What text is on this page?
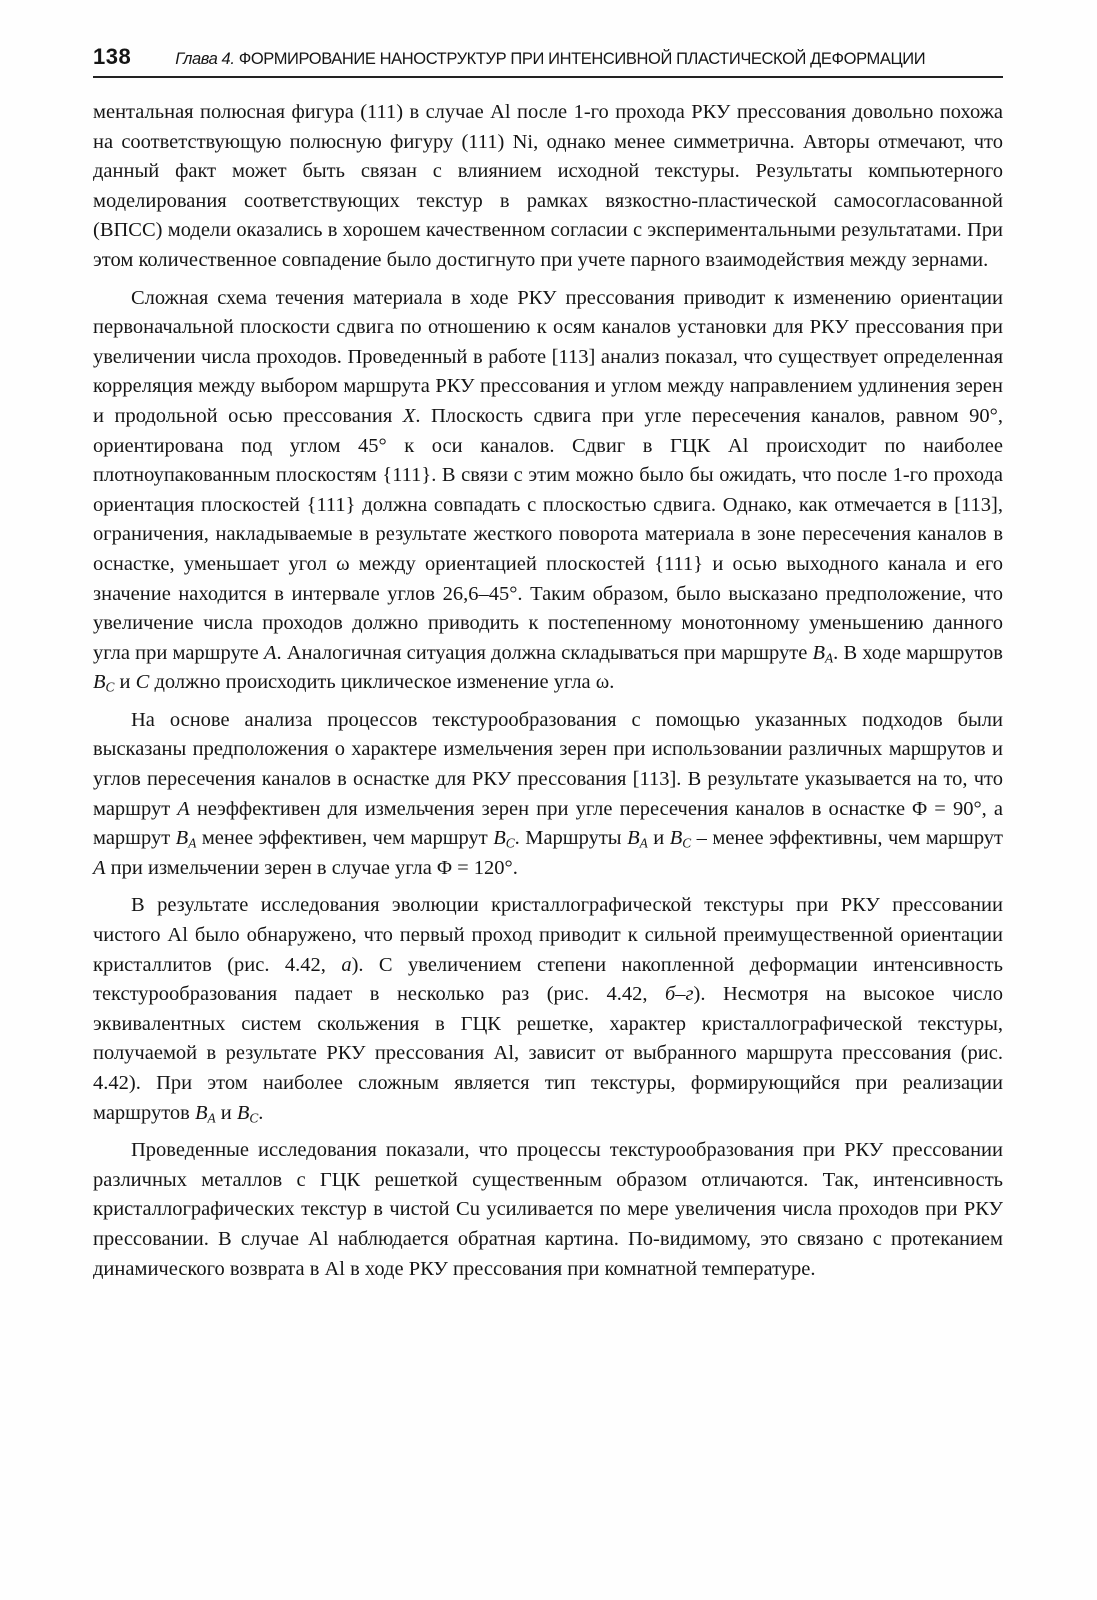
138	Глава 4. ФОРМИРОВАНИЕ НАНОСТРУКТУР ПРИ ИНТЕНСИВНОЙ ПЛАСТИЧЕСКОЙ ДЕФОРМАЦИИ

ментальная полюсная фигура (111) в случае Al после 1-го прохода РКУ прессования довольно похожа на соответствующую полюсную фигуру (111) Ni, однако менее симметрична. Авторы отмечают, что данный факт может быть связан с влиянием исходной текстуры. Результаты компьютерного моделирования соответствующих текстур в рамках вязкостно-пластической самосогласованной (ВПСС) модели оказались в хорошем качественном согласии с экспериментальными результатами. При этом количественное совпадение было достигнуто при учете парного взаимодействия между зернами.

Сложная схема течения материала в ходе РКУ прессования приводит к изменению ориентации первоначальной плоскости сдвига по отношению к осям каналов установки для РКУ прессования при увеличении числа проходов. Проведенный в работе [113] анализ показал, что существует определенная корреляция между выбором маршрута РКУ прессования и углом между направлением удлинения зерен и продольной осью прессования X. Плоскость сдвига при угле пересечения каналов, равном 90°, ориентирована под углом 45° к оси каналов. Сдвиг в ГЦК Al происходит по наиболее плотноупакованным плоскостям {111}. В связи с этим можно было бы ожидать, что после 1-го прохода ориентация плоскостей {111} должна совпадать с плоскостью сдвига. Однако, как отмечается в [113], ограничения, накладываемые в результате жесткого поворота материала в зоне пересечения каналов в оснастке, уменьшает угол ω между ориентацией плоскостей {111} и осью выходного канала и его значение находится в интервале углов 26,6–45°. Таким образом, было высказано предположение, что увеличение числа проходов должно приводить к постепенному монотонному уменьшению данного угла при маршруте A. Аналогичная ситуация должна складываться при маршруте $B_A$. В ходе маршрутов $B_C$ и C должно происходить циклическое изменение угла ω.

На основе анализа процессов текстурообразования с помощью указанных подходов были высказаны предположения о характере измельчения зерен при использовании различных маршрутов и углов пересечения каналов в оснастке для РКУ прессования [113]. В результате указывается на то, что маршрут A неэффективен для измельчения зерен при угле пересечения каналов в оснастке Φ = 90°, а маршрут $B_A$ менее эффективен, чем маршрут $B_C$. Маршруты $B_A$ и $B_C$ – менее эффективны, чем маршрут A при измельчении зерен в случае угла Φ = 120°.

В результате исследования эволюции кристаллографической текстуры при РКУ прессовании чистого Al было обнаружено, что первый проход приводит к сильной преимущественной ориентации кристаллитов (рис. 4.42, а). С увеличением степени накопленной деформации интенсивность текстурообразования падает в несколько раз (рис. 4.42, б–г). Несмотря на высокое число эквивалентных систем скольжения в ГЦК решетке, характер кристаллографической текстуры, получаемой в результате РКУ прессования Al, зависит от выбранного маршрута прессования (рис. 4.42). При этом наиболее сложным является тип текстуры, формирующийся при реализации маршрутов $B_A$ и $B_C$.

Проведенные исследования показали, что процессы текстурообразования при РКУ прессовании различных металлов с ГЦК решеткой существенным образом отличаются. Так, интенсивность кристаллографических текстур в чистой Cu усиливается по мере увеличения числа проходов при РКУ прессовании. В случае Al наблюдается обратная картина. По-видимому, это связано с протеканием динамического возврата в Al в ходе РКУ прессования при комнатной температуре.
